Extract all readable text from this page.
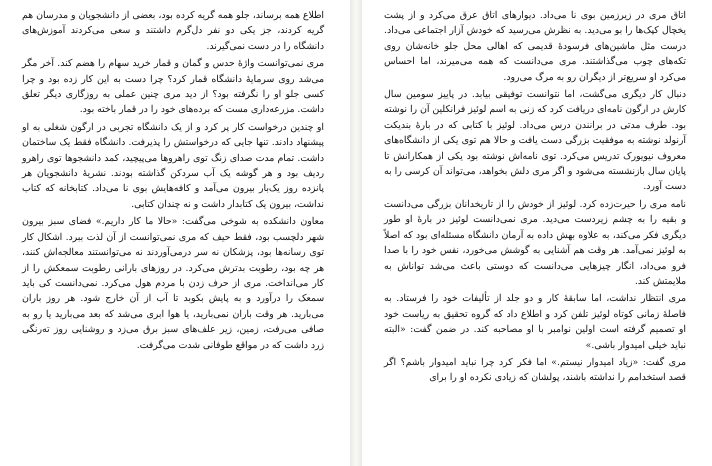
اطلاع همه برساند، جلو همه گریه کرده بود، بعضی از دانشجویان و مدرسان هم گریه کردند، جز یکی دو نفر دل‌گرم داشتند و سعی می‌کردند آموزش‌های دانشگاه را در دست نمی‌گیرند.

مری نمی‌توانست واژهٔ حدس و گمان و قمار خرید سهام را هضم کند. آخر مگر می‌شد روی سرمایهٔ دانشگاه قمار کرد؟ چرا دست به این کار زده بود و چرا کسی جلو او را نگرفته بود؟ از دید مری چنین عملی به روزگاری دیگر تعلق داشت. مزرعه‌داری مست که برده‌های خود را در قمار باخته بود.

او چندین درخواست کار پر کرد و از یک دانشگاه تجربی در ارگون شغلی به او پیشنهاد دادند. تنها جایی که درخواستش را پذیرفت. دانشگاه فقط یک ساختمان داشت. تمام مدت صدای زنگ توی راهروها می‌پیچید، کمد دانشجوها توی راهرو ردیف بود و هر گوشه یک آب سردکن گذاشته بودند. نشریهٔ دانشجویان هر پانزده روز یک‌بار بیرون می‌آمد و کافه‌هایش بوی نا می‌داد. کتابخانه که کتاب نداشت، بیرون یک کتابدار داشت و نه چندان کتابی.

معاون دانشکده به شوخی می‌گفت: «حالا ما کار داریم.» فضای سبز بیرون شهر دلچسب بود، فقط حیف که مری نمی‌توانست از آن لذت ببرد. اشکال کار توی رسانه‌ها بود، پزشکان نه سر درمی‌آوردند نه می‌توانستند معالجه‌اش کنند، هر چه بود، رطوبت بدترش می‌کرد. در روزهای بارانی رطوبت سمعکش را از کار می‌انداخت. مری از حرف زدن با مردم هول می‌کرد. نمی‌دانست کی باید سمعک را درآورد و به پایش بکوبد تا آب از آن خارج شود. هر روز باران می‌بارید. هر وقت باران نمی‌بارید، یا هوا ابری می‌شد که بعد می‌بارید یا رو به صافی می‌رفت، زمین، زیر علف‌های سبز برق می‌زد و روشنایی روز ته‌رنگی زرد داشت که در مواقع طوفانی شدت می‌گرفت.

اتاق مری در زیرزمین بوی نا می‌داد. دیوارهای اتاق عرق می‌کرد و از پشت یخچال کپک‌ها را بو می‌دید. به نظرش می‌رسید که خودش آزار اجتماعی می‌داد. درست مثل ماشین‌های فرسودهٔ قدیمی که اهالی محل جلو خانه‌شان روی تکه‌های چوب می‌گذاشتند. مری می‌دانست که همه می‌میرند، اما احساس می‌کرد او سریع‌تر از دیگران رو به مرگ می‌رود.

دنبال کار دیگری می‌گشت، اما نتوانست توفیقی بیابد. در پاییز سومین سال کارش در ارگون نامه‌ای دریافت کرد که زنی به اسم لوئیز فرانکلین آن را نوشته بود. طرف مدتی در برانندن درس می‌داد. لوئیز با کتابی که در بارهٔ بندیکت آرنولد نوشته به موفقیت بزرگی دست یافت و حالا هم توی یکی از دانشگاه‌های معروف نیویورک تدریس می‌کرد. توی نامه‌اش نوشته بود یکی از همکارانش تا پایان سال بازنشسته می‌شود و اگر مری دلش بخواهد، می‌تواند آن کرسی را به دست آورد.

نامه مری را حیرت‌زده کرد. لوئیز از خودش را از تاریخدانان بزرگی می‌دانست و بقیه را به چشم زیردست می‌دید. مری نمی‌دانست لوئیز در بارهٔ او طور دیگری فکر می‌کند، به علاوه بهش داده به آرمان دانشگاه مسئله‌ای بود که اصلاً به لوئیز نمی‌آمد. هر وقت هم آشنایی به گوشش می‌خورد، نفس خود را با صدا فرو می‌داد، انگار چیزهایی می‌دانست که دوستی باعث می‌شد تواناش به ملایمتش کند.

مری انتظار نداشت، اما سابقهٔ کار و دو جلد از تألیفات خود را فرستاد. به فاصلهٔ زمانی کوتاه لوئیز تلفن کرد و اطلاع داد که گروه تحقیق به ریاست خود او تصمیم گرفته است اولین نوامبر با او مصاحبه کند. در ضمن گفت: «البته نباید خیلی امیدوار باشی.»

مری گفت: «زیاد امیدوار نیستم.» اما فکر کرد چرا نباید امیدوار باشم؟ اگر قصد استخدامم را نداشته باشند، پولشان که زیادی نکرده او را برای
